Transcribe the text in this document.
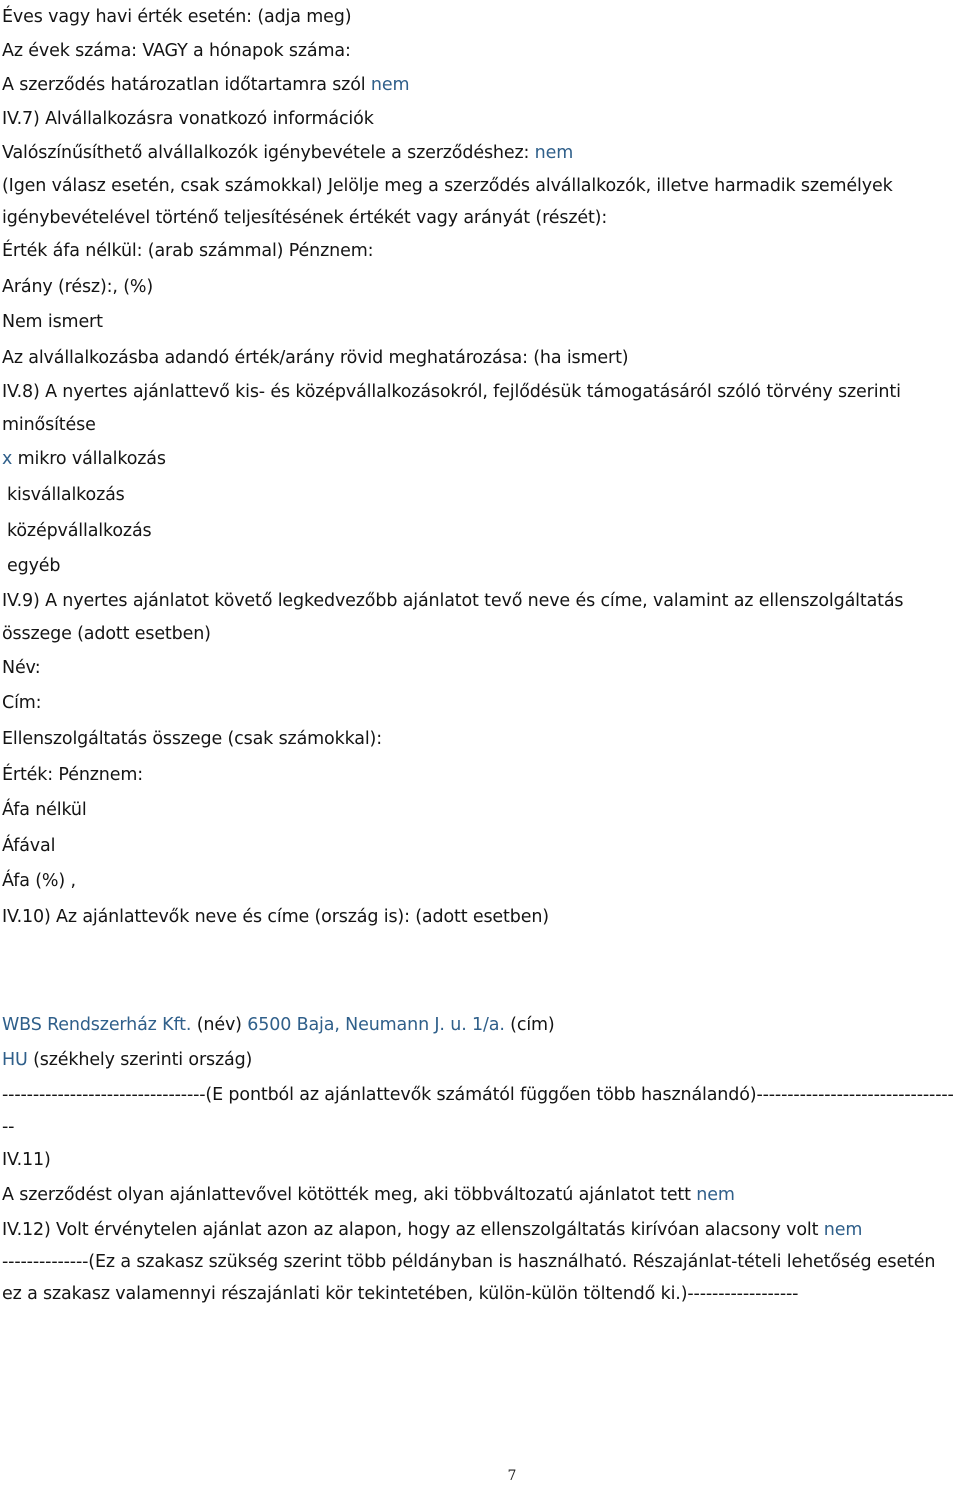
Éves vagy havi érték esetén: (adja meg)
Az évek száma: VAGY a hónapok száma:
A szerződés határozatlan időtartamra szól nem
IV.7) Alvállalkozásra vonatkozó információk
Valószínűsíthető alvállalkozók igénybevétele a szerződéshez: nem
(Igen válasz esetén, csak számokkal) Jelölje meg a szerződés alvállalkozók, illetve harmadik személyek igénybevételével történő teljesítésének értékét vagy arányát (részét):
Érték áfa nélkül: (arab számmal) Pénznem:
Arány (rész):, (%)
Nem ismert
Az alvállalkozásba adandó érték/arány rövid meghatározása: (ha ismert)
IV.8) A nyertes ajánlattevő kis- és középvállalkozásokról, fejlődésük támogatásáról szóló törvény szerinti minősítése
x mikro vállalkozás
kisvállalkozás
középvállalkozás
egyéb
IV.9) A nyertes ajánlatot követő legkedvezőbb ajánlatot tevő neve és címe, valamint az ellenszolgáltatás összege (adott esetben)
Név:
Cím:
Ellenszolgáltatás összege (csak számokkal):
Érték: Pénznem:
Áfa nélkül
Áfával
Áfa (%) ,
IV.10) Az ajánlattevők neve és címe (ország is): (adott esetben)
WBS Rendszerház Kft. (név) 6500 Baja, Neumann J. u. 1/a. (cím)
HU (székhely szerinti ország)
---------------------------------(E pontból az ajánlattevők számától függően több használandó)----------------------------------
IV.11)
A szerződést olyan ajánlattevővel kötötték meg, aki többváltozatú ajánlatot tett nem
IV.12) Volt érvénytelen ajánlat azon az alapon, hogy az ellenszolgáltatás kirívóan alacsony volt nem
--------------(Ez a szakasz szükség szerint több példányban is használható. Részajánlat-tételi lehetőség esetén ez a szakasz valamennyi részajánlati kör tekintetében, külön-külön töltendő ki.)------------------
7
